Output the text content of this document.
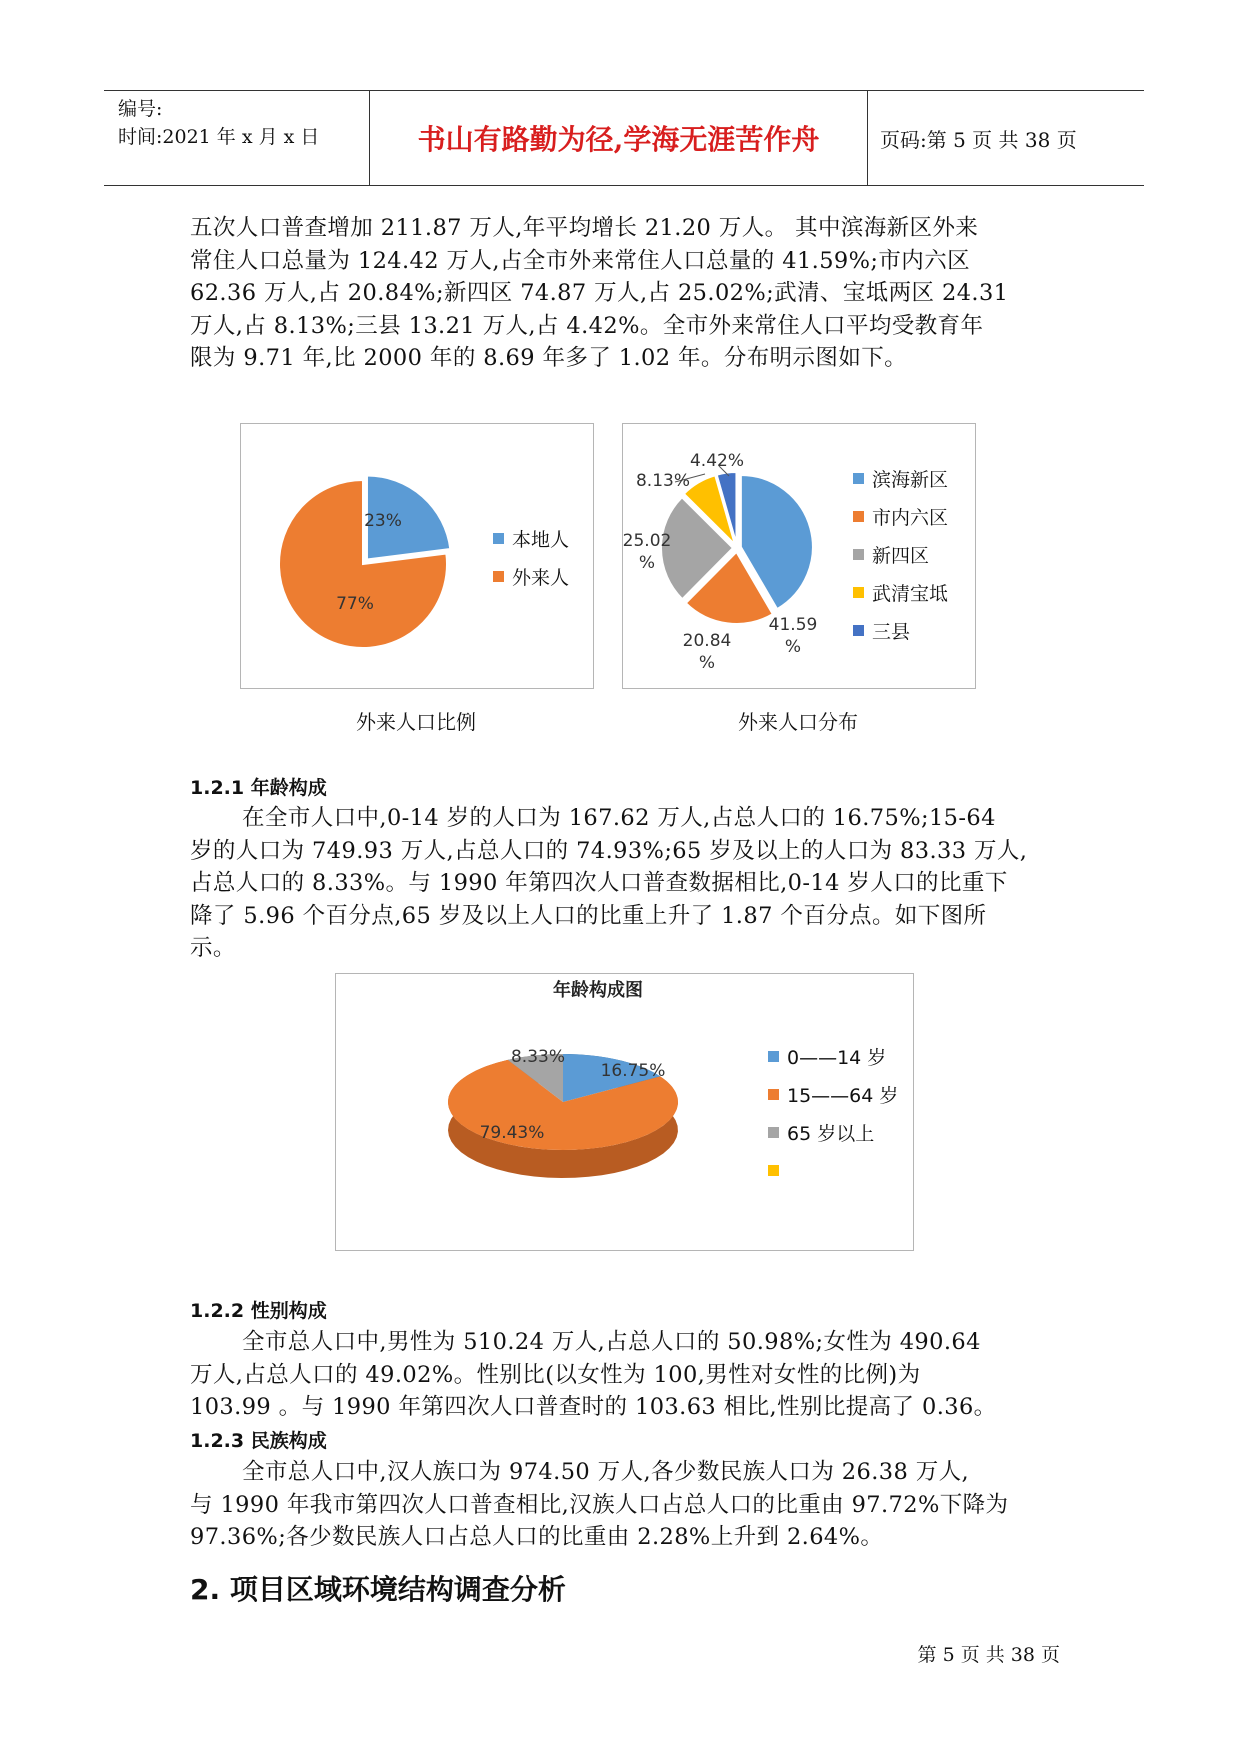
编号:
时间:2021 年 x 月 x 日	书山有路勤为径,学海无涯苦作舟	页码:第 5 页 共 38 页
五次人口普查增加 211.87 万人,年平均增长 21.20 万人。 其中滨海新区外来
常住人口总量为 124.42 万人,占全市外来常住人口总量的 41.59%;市内六区
62.36 万人,占 20.84%;新四区 74.87 万人,占 25.02%;武清、宝坻两区 24.31
万人,占 8.13%;三县 13.21 万人,占 4.42%。全市外来常住人口平均受教育年
限为 9.71 年,比 2000 年的 8.69 年多了 1.02 年。分布明示图如下。
23%
77%
本地人
外来人
外来人口比例
41.59 %
20.84 %
25.02 %
8.13%
4.42%
滨海新区
市内六区
新四区
武清宝坻
三县
外来人口分布
1.2.1 年龄构成
在全市人口中,0-14 岁的人口为 167.62 万人,占总人口的 16.75%;15-64
岁的人口为 749.93 万人,占总人口的 74.93%;65 岁及以上的人口为 83.33 万人,
占总人口的 8.33%。与 1990 年第四次人口普查数据相比,0-14 岁人口的比重下
降了 5.96 个百分点,65 岁及以上人口的比重上升了 1.87 个百分点。如下图所
示。
年龄构成图
16.75%
79.43%
8.33%	0——14 岁
15——64 岁
65 岁以上
1.2.2 性别构成
全市总人口中,男性为 510.24 万人,占总人口的 50.98%;女性为 490.64
万人,占总人口的 49.02%。性别比(以女性为 100,男性对女性的比例)为
103.99 。与 1990 年第四次人口普查时的 103.63 相比,性别比提高了 0.36。
1.2.3 民族构成
全市总人口中,汉人族口为 974.50 万人,各少数民族人口为 26.38 万人,
与 1990 年我市第四次人口普查相比,汉族人口占总人口的比重由 97.72%下降为
97.36%;各少数民族人口占总人口的比重由 2.28%上升到 2.64%。
2. 项目区域环境结构调查分析
第 5 页 共 38 页
